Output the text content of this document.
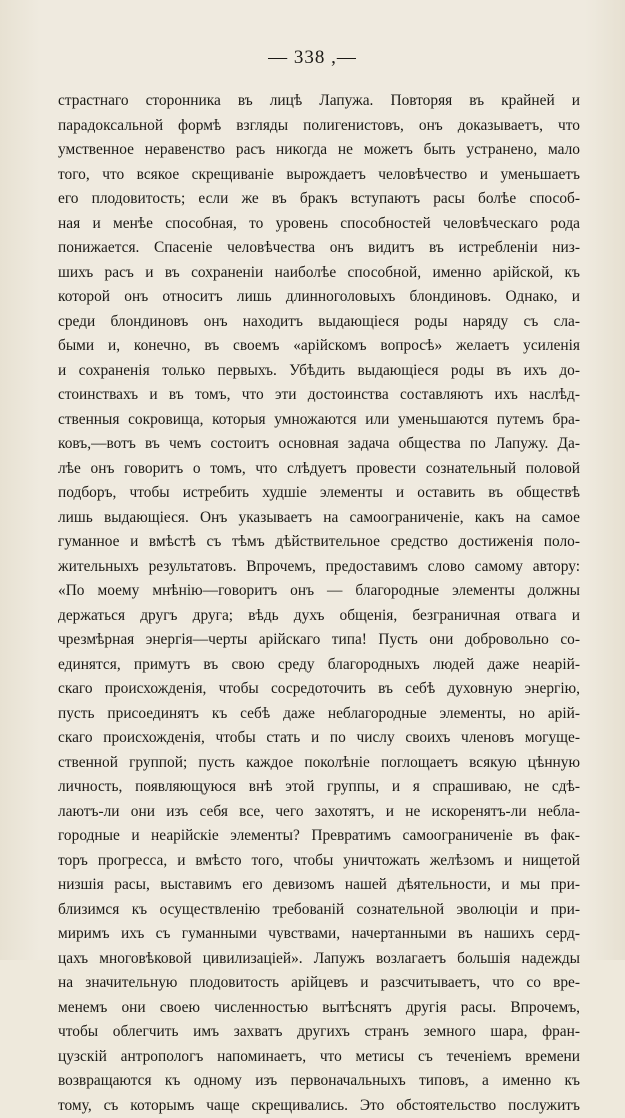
— 338 ,—
страстнаго сторонника въ лицѣ Лапужа. Повторяя въ крайней и
парадоксальной формѣ взгляды полигенистовъ, онъ доказываетъ, что
умственное неравенство расъ никогда не можетъ быть устранено, мало
того, что всякое скрещиваніе вырождаетъ человѣчество и уменьшаетъ
его плодовитость; если же въ бракъ вступаютъ расы болѣе способ-
ная и менѣе способная, то уровень способностей человѣческаго рода
понижается. Спасеніе человѣчества онъ видитъ въ истребленіи низ-
шихъ расъ и въ сохраненіи наиболѣе способной, именно арійской, къ
которой онъ относитъ лишь длинноголовыхъ блондиновъ. Однако, и
среди блондиновъ онъ находитъ выдающіеся роды наряду съ сла-
быми и, конечно, въ своемъ «арійскомъ вопросѣ» желаетъ усиленія
и сохраненія только первыхъ. Убѣдить выдающіеся роды въ ихъ до-
стоинствахъ и въ томъ, что эти достоинства составляютъ ихъ наслѣд-
ственныя сокровища, которыя умножаются или уменьшаются путемъ бра-
ковъ,—вотъ въ чемъ состоитъ основная задача общества по Лапужу. Да-
лѣе онъ говоритъ о томъ, что слѣдуетъ провести сознательный половой
подборъ, чтобы истребить худшіе элементы и оставить въ обществѣ
лишь выдающіеся. Онъ указываетъ на самоограниченіе, какъ на самое
гуманное и вмѣстѣ съ тѣмъ дѣйствительное средство достиженія поло-
жительныхъ результатовъ. Впрочемъ, предоставимъ слово самому автору:
«По моему мнѣнію—говоритъ онъ — благородные элементы должны
держаться другъ друга; вѣдь духъ общенія, безграничная отвага и
чрезмѣрная энергія—черты арійскаго типа! Пусть они добровольно со-
единятся, примутъ въ свою среду благородныхъ людей даже неарій-
скаго происхожденія, чтобы сосредоточить въ себѣ духовную энергію,
пусть присоединятъ къ себѣ даже неблагородные элементы, но арій-
скаго происхожденія, чтобы стать и по числу своихъ членовъ могуще-
ственной группой; пусть каждое поколѣніе поглощаетъ всякую цѣнную
личность, появляющуюся внѣ этой группы, и я спрашиваю, не сдѣ-
лаютъ-ли они изъ себя все, чего захотятъ, и не искоренятъ-ли небла-
городные и неарійскіе элементы? Превратимъ самоограниченіе въ фак-
торъ прогресса, и вмѣсто того, чтобы уничтожать желѣзомъ и нищетой
низшія расы, выставимъ его девизомъ нашей дѣятельности, и мы при-
близимся къ осуществленію требованій сознательной эволюціи и при-
миримъ ихъ съ гуманными чувствами, начертанными въ нашихъ серд-
цахъ многовѣковой цивилизаціей». Лапужъ возлагаетъ большія надежды
на значительную плодовитость арійцевъ и разсчитываетъ, что со вре-
менемъ они своею численностью вытѣснятъ другія расы. Впрочемъ,
чтобы облегчить имъ захватъ другихъ странъ земного шара, фран-
цузскій антропологъ напоминаетъ, что метисы съ теченіемъ времени
возвращаются къ одному изъ первоначальныхъ типовъ, а именно къ
тому, съ которымъ чаще скрещивались. Это обстоятельство послужитъ
